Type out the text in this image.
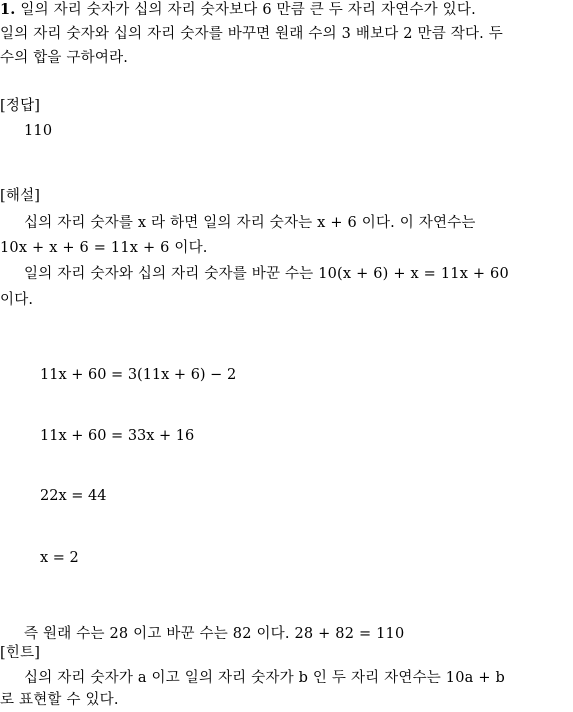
1. 일의 자리 숫자가 십의 자리 숫자보다 6 만큼 큰 두 자리 자연수가 있다.
일의 자리 숫자와 십의 자리 숫자를 바꾸면 원래 수의 3 배보다 2 만큼 작다. 두
수의 합을 구하여라.
[정답]
110
[해설]
십의 자리 숫자를 x 라 하면 일의 자리 숫자는 x + 6 이다. 이 자연수는
10x + x + 6 = 11x + 6 이다.
일의 자리 숫자와 십의 자리 숫자를 바꾼 수는 10(x + 6) + x = 11x + 60
이다.
11x + 60 = 3(11x + 6) − 2
11x + 60 = 33x + 16
22x = 44
x = 2
즉 원래 수는 28 이고 바꾼 수는 82 이다. 28 + 82 = 110
[힌트]
십의 자리 숫자가 a 이고 일의 자리 숫자가 b 인 두 자리 자연수는 10a + b
로 표현할 수 있다.
